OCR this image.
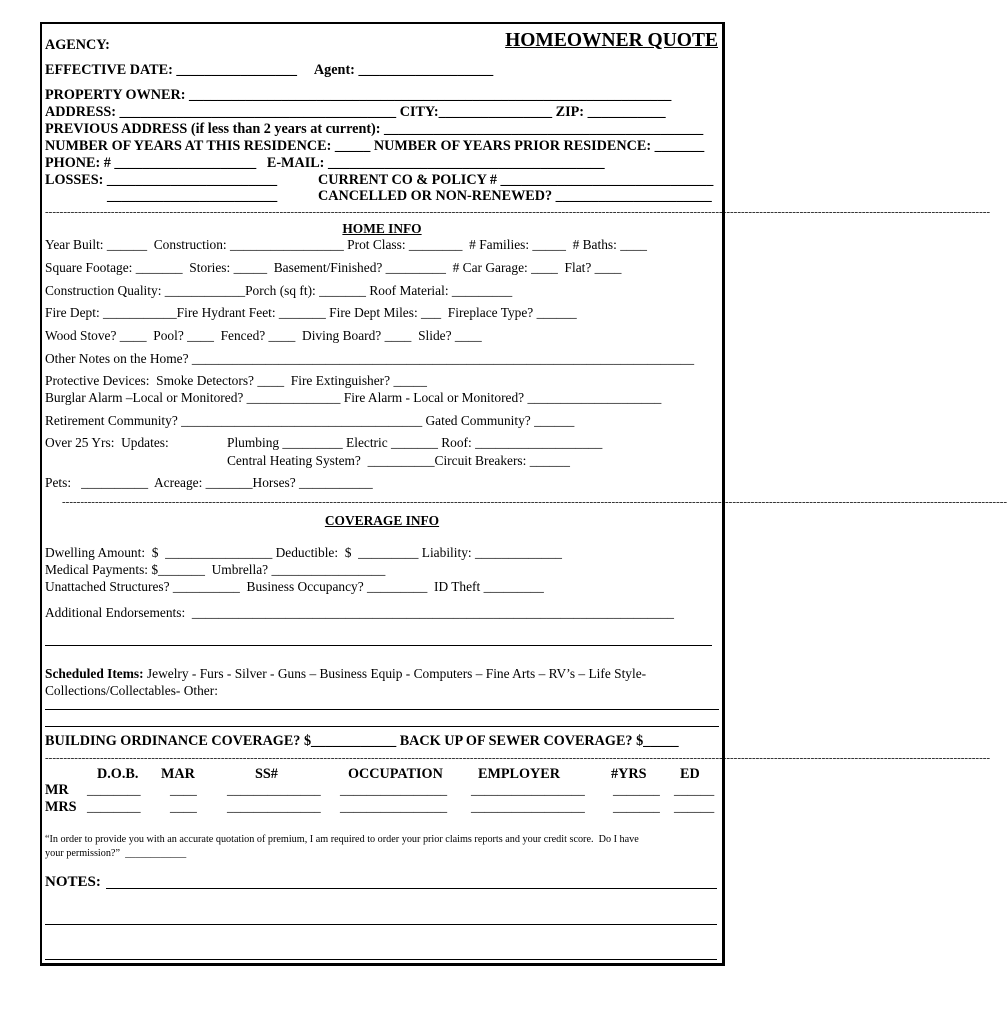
AGENCY:	HOMEOWNER QUOTE
EFFECTIVE DATE: _________________     Agent: ___________________
PROPERTY OWNER: ____________________________________________________________________
ADDRESS: _______________________________________ CITY:________________ ZIP: ___________
PREVIOUS ADDRESS (if less than 2 years at current): _____________________________________________
NUMBER OF YEARS AT THIS RESIDENCE: _____ NUMBER OF YEARS PRIOR RESIDENCE: _______
PHONE: # ____________________   E-MAIL: _______________________________________
LOSSES: ________________________	CURRENT CO & POLICY # ______________________________
________________________	CANCELLED OR NON-RENEWED? ______________________
------------------------------------------------------------------------------------------------------------------------------------------------------------------------------------------------------------------------------------------------------------------
HOME INFO
Year Built: ______  Construction: _________________ Prot Class: ________  # Families: _____  # Baths: ____
Square Footage: _______  Stories: _____  Basement/Finished? _________  # Car Garage: ____  Flat? ____
Construction Quality: ____________Porch (sq ft): _______ Roof Material: _________
Fire Dept: ___________Fire Hydrant Feet: _______ Fire Dept Miles: ___  Fireplace Type? ______
Wood Stove? ____  Pool? ____  Fenced? ____  Diving Board? ____  Slide? ____
Other Notes on the Home? ___________________________________________________________________________
Protective Devices:  Smoke Detectors? ____  Fire Extinguisher? _____
Burglar Alarm –Local or Monitored? ______________ Fire Alarm - Local or Monitored? ____________________
Retirement Community? ____________________________________ Gated Community? ______
Over 25 Yrs:  Updates:	Plumbing _________ Electric _______ Roof: ___________________
Central Heating System?  __________Circuit Breakers: ______
Pets:   __________  Acreage: _______Horses? ___________
------------------------------------------------------------------------------------------------------------------------------------------------------------------------------------------------------------------------------------------------------------------
COVERAGE INFO
Dwelling Amount:  $  ________________ Deductible:  $  _________ Liability: _____________
Medical Payments: $_______  Umbrella? _________________
Unattached Structures? __________  Business Occupancy? _________  ID Theft _________
Additional Endorsements:  ________________________________________________________________________
Scheduled Items: Jewelry - Furs - Silver - Guns – Business Equip - Computers – Fine Arts – RV’s – Life Style-
Collections/Collectables- Other:
BUILDING ORDINANCE COVERAGE? $____________ BACK UP OF SEWER COVERAGE? $_____
------------------------------------------------------------------------------------------------------------------------------------------------------------------------------------------------------------------------------------------------------------------
D.O.B. MAR	SS#	OCCUPATION EMPLOYER	#YRS ED
MR ________ ____ ______________ ________________ _________________ _______ ______
MRS ________ ____ ______________ ________________ _________________ _______ ______
“In order to provide you with an accurate quotation of premium, I am required to order your prior claims reports and your credit score.  Do I have
your permission?”  ____________
NOTES:
